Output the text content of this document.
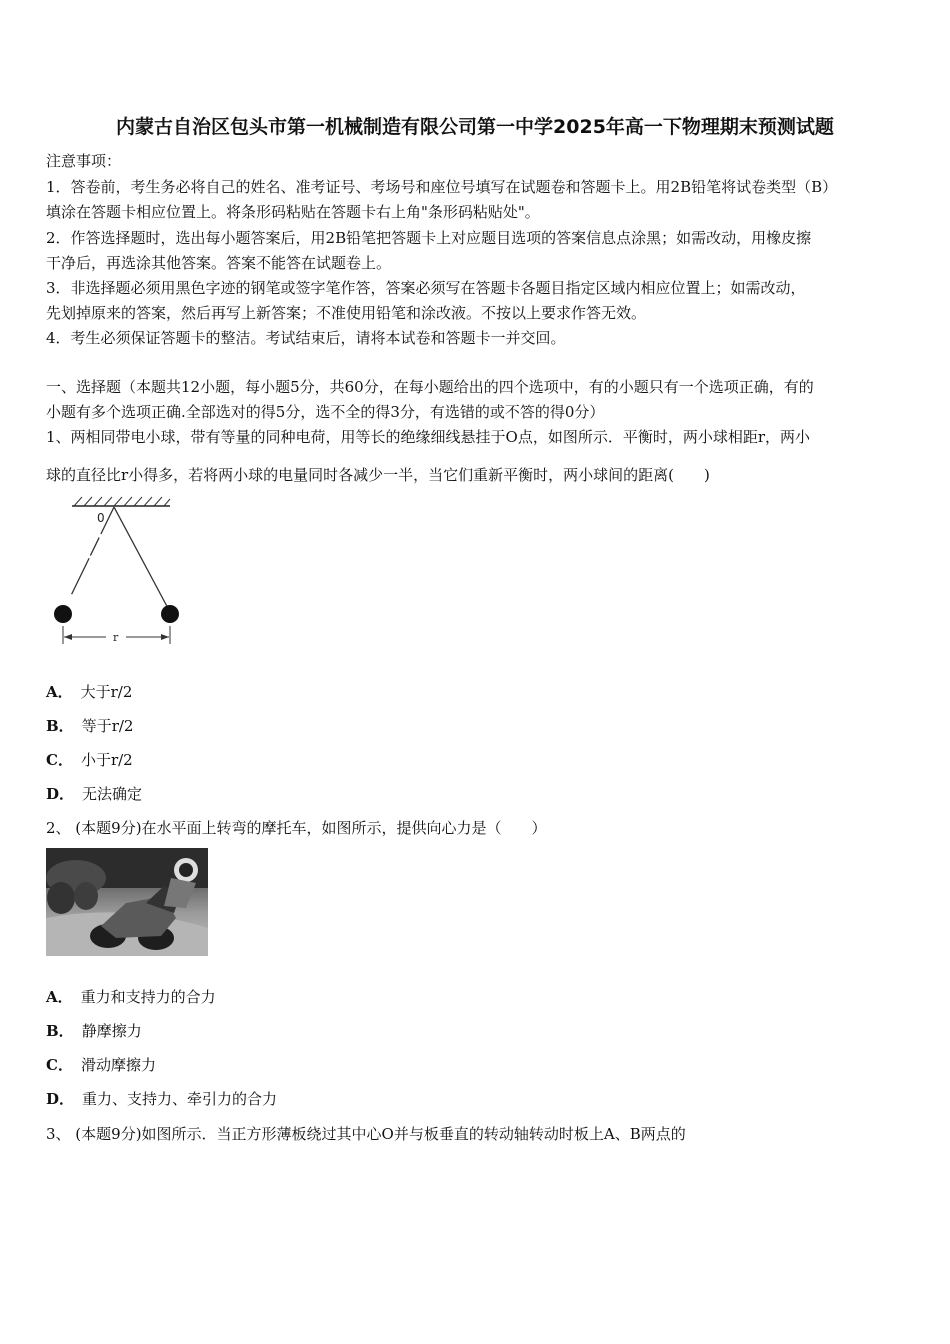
内蒙古自治区包头市第一机械制造有限公司第一中学2025年高一下物理期末预测试题
注意事项：
1．答卷前，考生务必将自己的姓名、准考证号、考场号和座位号填写在试题卷和答题卡上。用2B铅笔将试卷类型（B）
填涂在答题卡相应位置上。将条形码粘贴在答题卡右上角"条形码粘贴处"。
2．作答选择题时，选出每小题答案后，用2B铅笔把答题卡上对应题目选项的答案信息点涂黑；如需改动，用橡皮擦
干净后，再选涂其他答案。答案不能答在试题卷上。
3．非选择题必须用黑色字迹的钢笔或签字笔作答，答案必须写在答题卡各题目指定区域内相应位置上；如需改动，
先划掉原来的答案，然后再写上新答案；不准使用铅笔和涂改液。不按以上要求作答无效。
4．考生必须保证答题卡的整洁。考试结束后，请将本试卷和答题卡一并交回。
一、选择题（本题共12小题，每小题5分，共60分，在每小题给出的四个选项中，有的小题只有一个选项正确，有的
小题有多个选项正确.全部选对的得5分，选不全的得3分，有选错的或不答的得0分）
1、两相同带电小球，带有等量的同种电荷，用等长的绝缘细线悬挂于O点，如图所示．平衡时，两小球相距r，两小
球的直径比r小得多，若将两小球的电量同时各减少一半，当它们重新平衡时，两小球间的距离(　　)
0
r
A． 大于r/2
B． 等于r/2
C． 小于r/2
D． 无法确定
2、 (本题9分)在水平面上转弯的摩托车，如图所示，提供向心力是（　　）
A． 重力和支持力的合力
B． 静摩擦力
C． 滑动摩擦力
D． 重力、支持力、牵引力的合力
3、 (本题9分)如图所示．当正方形薄板绕过其中心O并与板垂直的转动轴转动时板上A、B两点的
